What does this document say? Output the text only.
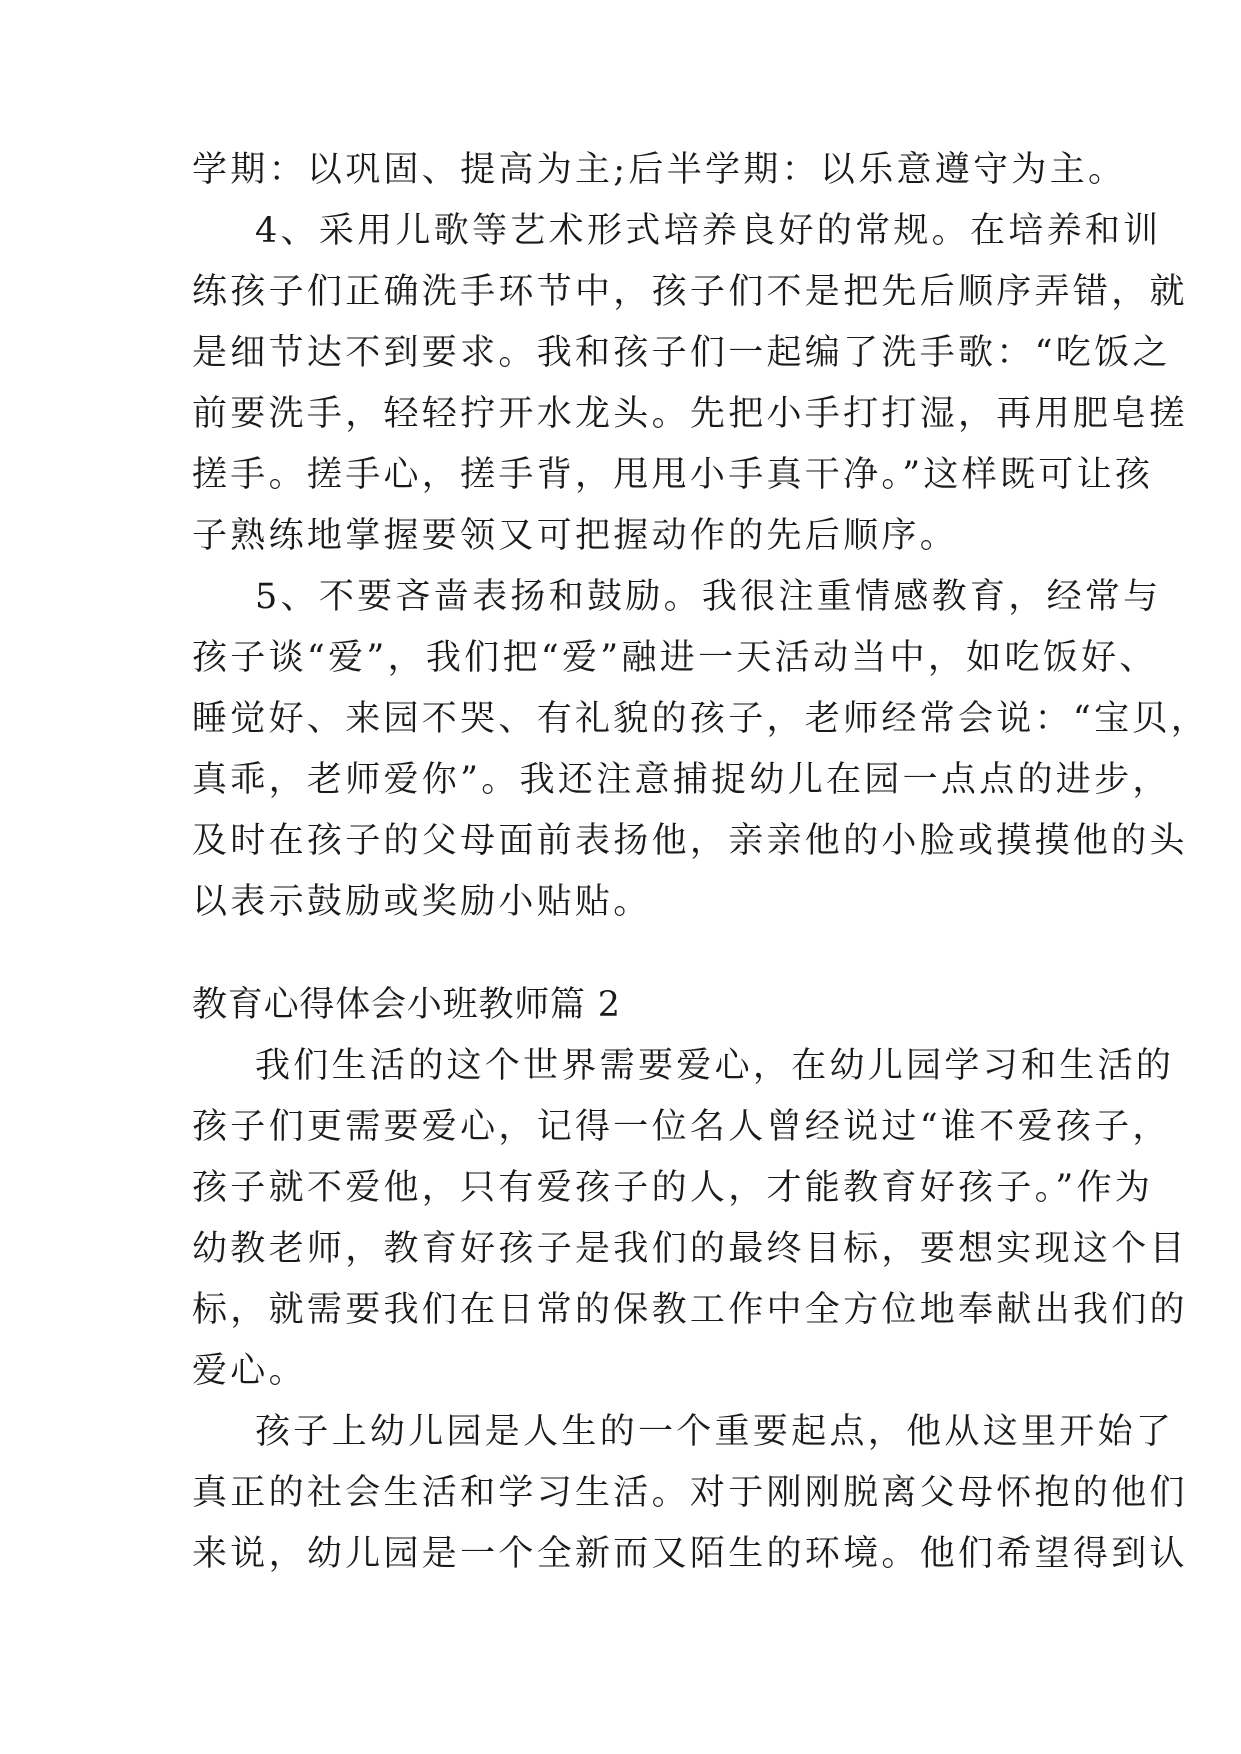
学期：以巩固、提高为主;后半学期：以乐意遵守为主。
4、采用儿歌等艺术形式培养良好的常规。在培养和训
练孩子们正确洗手环节中，孩子们不是把先后顺序弄错，就
是细节达不到要求。我和孩子们一起编了洗手歌：“吃饭之
前要洗手，轻轻拧开水龙头。先把小手打打湿，再用肥皂搓
搓手。搓手心，搓手背，甩甩小手真干净。”这样既可让孩
子熟练地掌握要领又可把握动作的先后顺序。
5、不要吝啬表扬和鼓励。我很注重情感教育，经常与
孩子谈“爱”，我们把“爱”融进一天活动当中，如吃饭好、
睡觉好、来园不哭、有礼貌的孩子，老师经常会说：“宝贝，
真乖，老师爱你”。我还注意捕捉幼儿在园一点点的进步，
及时在孩子的父母面前表扬他，亲亲他的小脸或摸摸他的头
以表示鼓励或奖励小贴贴。
教育心得体会小班教师篇 2
我们生活的这个世界需要爱心，在幼儿园学习和生活的
孩子们更需要爱心，记得一位名人曾经说过“谁不爱孩子，
孩子就不爱他，只有爱孩子的人，才能教育好孩子。”作为
幼教老师，教育好孩子是我们的最终目标，要想实现这个目
标，就需要我们在日常的保教工作中全方位地奉献出我们的
爱心。
孩子上幼儿园是人生的一个重要起点，他从这里开始了
真正的社会生活和学习生活。对于刚刚脱离父母怀抱的他们
来说，幼儿园是一个全新而又陌生的环境。他们希望得到认
